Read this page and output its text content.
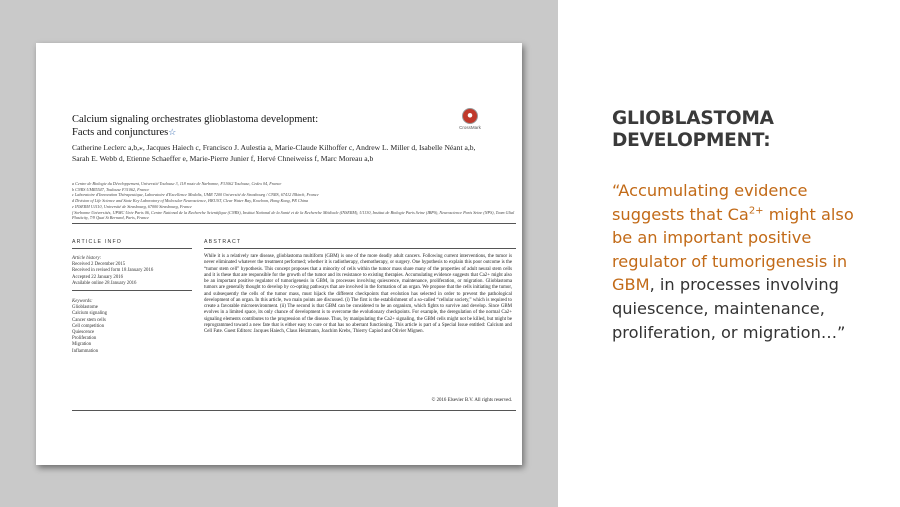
Calcium signaling orchestrates glioblastoma development:
Facts and conjunctures☆	CrossMark
Catherine Leclerc a,b,⁎, Jacques Haiech c, Francisco J. Aulestia a, Marie-Claude Kilhoffer c, Andrew L. Miller d, Isabelle Néant a,b, Sarah E. Webb d, Etienne Schaeffer e, Marie-Pierre Junier f, Hervé Chneiweiss f, Marc Moreau a,b
a Centre de Biologie du Développement, Université Toulouse 3, 118 route de Narbonne, F31062 Toulouse, Cedex 04, France
b CNRS UMR5547, Toulouse F31062, France
c Laboratoire d'Innovation Thérapeutique, Laboratoire d'Excellence Medalis, UMR 7200 Université de Strasbourg / CNRS, 67412 Illkirch, France
d Division of Life Science and State Key Laboratory of Molecular Neuroscience, HKUST, Clear Water Bay, Kowloon, Hong Kong, PR China
e INSERM U1110, Université de Strasbourg, 67000 Strasbourg, France
f Sorbonne Universités, UPMC Univ Paris 06, Centre National de la Recherche Scientifique (CNRS), Institut National de la Santé et de la Recherche Médicale (INSERM), U1130, Institut de Biologie Paris Seine (IBPS), Neuroscience Paris Seine (NPS), Team Glial Plasticity, 7/9 Quai St Bernard, Paris, France
ARTICLE INFO	ABSTRACT
Article history:
Received 2 December 2015
Received in revised form 18 January 2016
Accepted 22 January 2016
Available online 28 January 2016
Keywords:
Glioblastome
Calcium signaling
Cancer stem cells
Cell competition
Quiescence
Proliferation
Migration
Inflammation
While it is a relatively rare disease, glioblastoma multiform (GBM) is one of the more deadly adult cancers. Following current interventions, the tumor is never eliminated whatever the treatment performed; whether it is radiotherapy, chemotherapy, or surgery. One hypothesis to explain this poor outcome is the “tumor stem cell” hypothesis. This concept proposes that a minority of cells within the tumor mass share many of the properties of adult neural stem cells and it is these that are responsible for the growth of the tumor and its resistance to existing therapies. Accumulating evidence suggests that Ca2+ might also be an important positive regulator of tumorigenesis in GBM, in processes involving quiescence, maintenance, proliferation, or migration. Glioblastoma tumors are generally thought to develop by co-opting pathways that are involved in the formation of an organ. We propose that the cells initiating the tumor, and subsequently the cells of the tumor mass, must hijack the different checkpoints that evolution has selected in order to prevent the pathological development of an organ. In this article, two main points are discussed. (i) The first is the establishment of a so-called “cellular society,” which is required to create a favorable microenvironment. (ii) The second is that GBM can be considered to be an organism, which fights to survive and develop. Since GBM evolves in a limited space, its only chance of development is to overcome the evolutionary checkpoints. For example, the deregulation of the normal Ca2+ signaling elements contributes to the progression of the disease. Thus, by manipulating the Ca2+ signaling, the GBM cells might not be killed, but might be reprogrammed toward a new fate that is either easy to cure or that has no aberrant functioning. This article is part of a Special Issue entitled: Calcium and Cell Fate. Guest Editors: Jacques Haiech, Claus Heizmann, Joachim Krebs, Thierry Capiod and Olivier Mignen.
© 2016 Elsevier B.V. All rights reserved.
GLIOBLASTOMA
DEVELOPMENT:
“Accumulating evidence suggests that $Ca^{2+}$ might also be an important positive regulator of tumorigenesis in GBM, in processes involving quiescence, maintenance, proliferation, or migration…”
